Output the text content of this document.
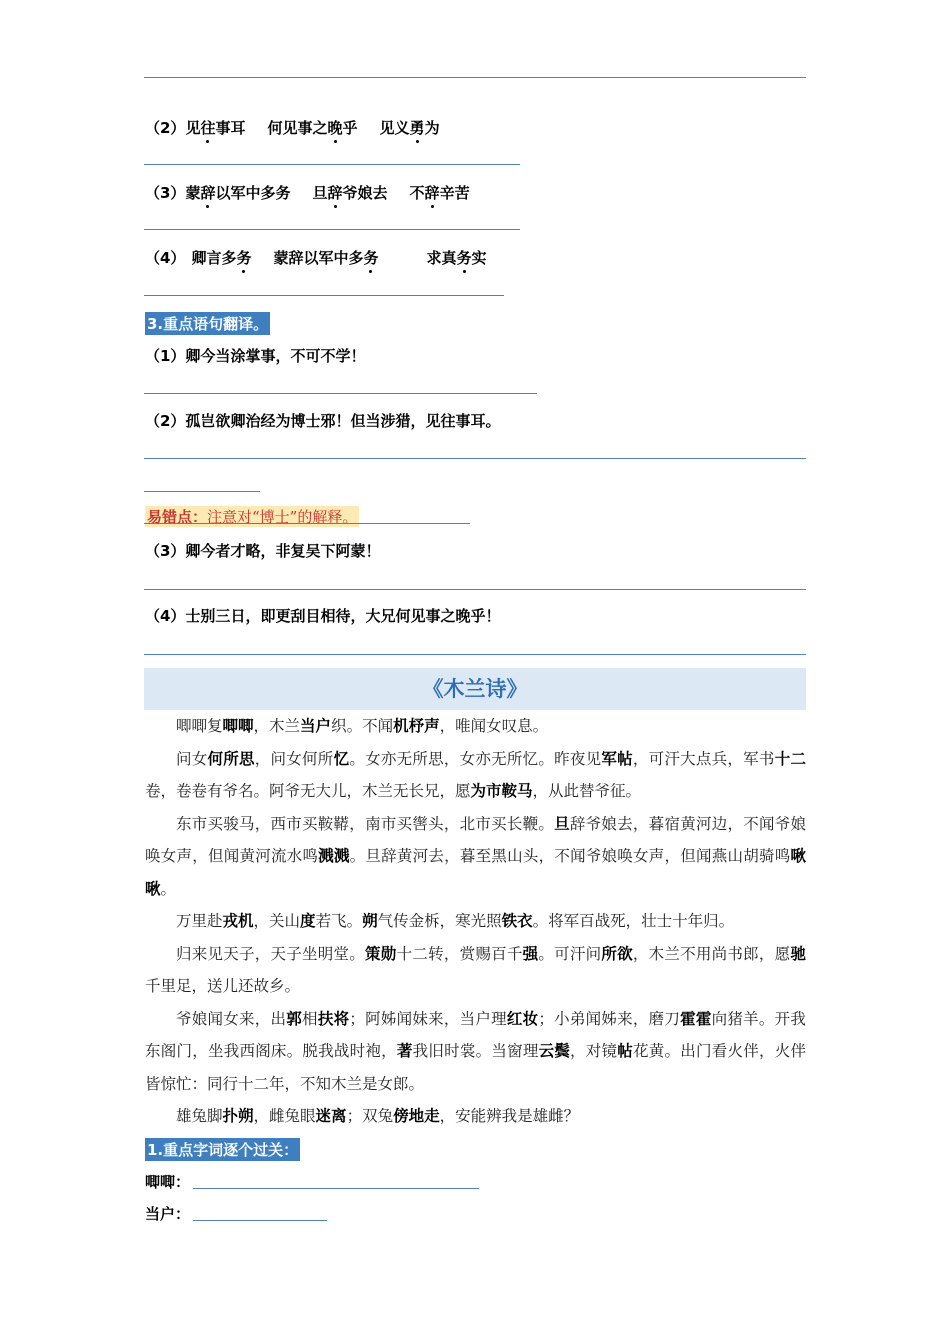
（2）见往事耳 何见事之晚乎 见义勇为
（3）蒙辞以军中多务 旦辞爷娘去 不辞辛苦
（4） 卿言多务 蒙辞以军中多务	求真务实
3.重点语句翻译。
（1）卿今当涂掌事，不可不学！
（2）孤岂欲卿治经为博士邪！但当涉猎，见往事耳。
易错点：注意对“博士”的解释。
（3）卿今者才略，非复吴下阿蒙！
（4）士别三日，即更刮目相待，大兄何见事之晚乎！
《木兰诗》

唧唧复唧唧，木兰当户织。不闻机杼声，唯闻女叹息。

问女何所思，问女何所忆。女亦无所思，女亦无所忆。昨夜见军帖，可汗大点兵，军书十二卷，卷卷有爷名。阿爷无大儿，木兰无长兄，愿为市鞍马，从此替爷征。

东市买骏马，西市买鞍鞯，南市买辔头，北市买长鞭。旦辞爷娘去，暮宿黄河边，不闻爷娘唤女声，但闻黄河流水鸣溅溅。旦辞黄河去，暮至黑山头，不闻爷娘唤女声，但闻燕山胡骑鸣啾啾。

万里赴戎机，关山度若飞。朔气传金柝，寒光照铁衣。将军百战死，壮士十年归。

归来见天子，天子坐明堂。策勋十二转，赏赐百千强。可汗问所欲，木兰不用尚书郎，愿驰千里足，送儿还故乡。

爷娘闻女来，出郭相扶将；阿姊闻妹来，当户理红妆；小弟闻姊来，磨刀霍霍向猪羊。开我东阁门，坐我西阁床。脱我战时袍，著我旧时裳。当窗理云鬓，对镜帖花黄。出门看火伴，火伴皆惊忙：同行十二年，不知木兰是女郎。

雄兔脚扑朔，雌兔眼迷离；双兔傍地走，安能辨我是雄雌？

1.重点字词逐个过关：
唧唧：
当户：
